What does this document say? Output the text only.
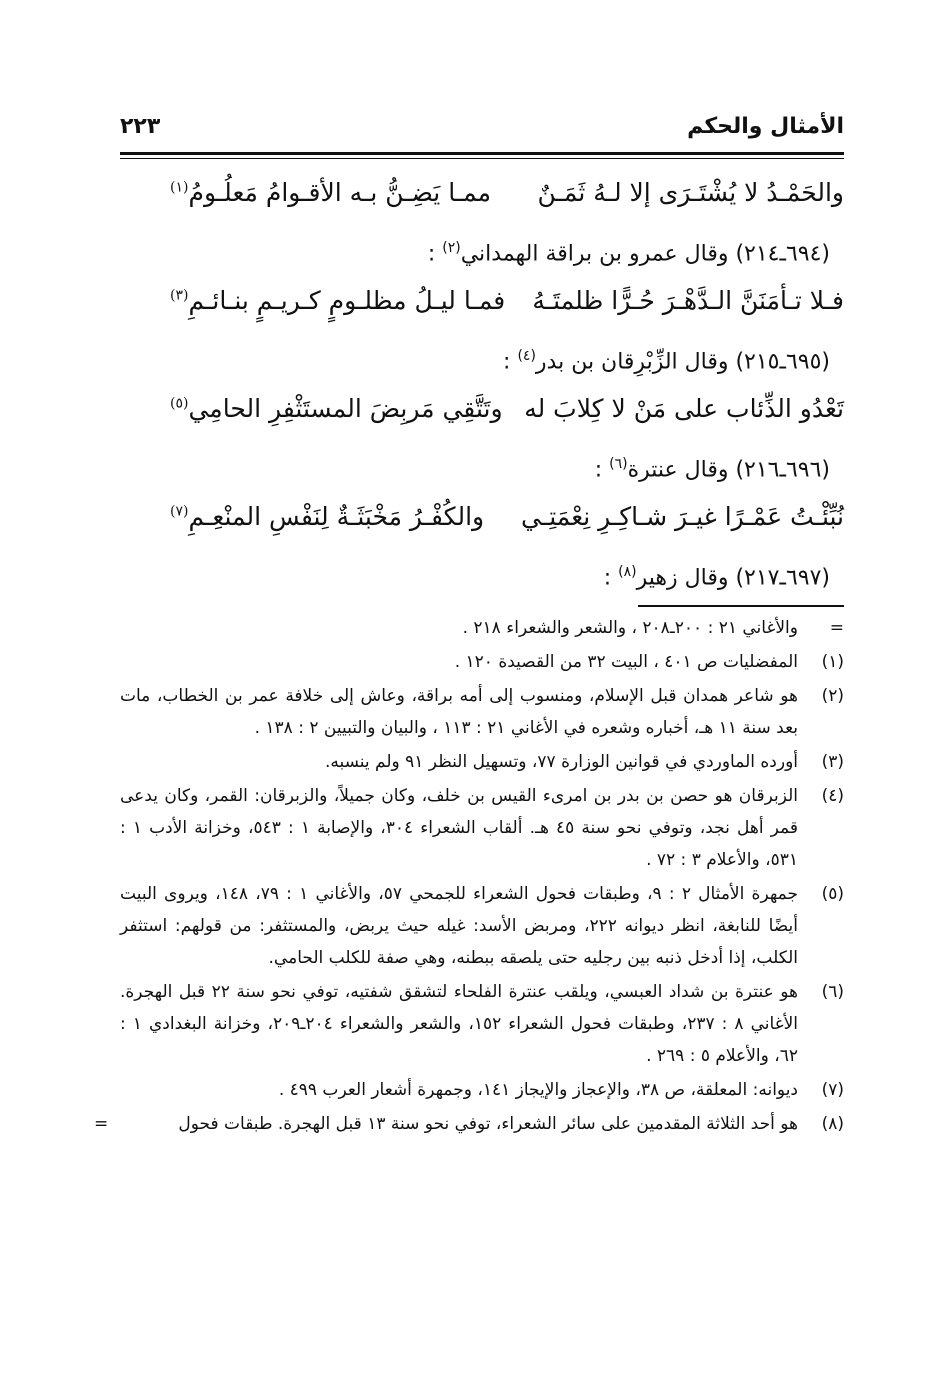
الأمثال والحكم
٢٢٣
والحَمْـدُ لا يُشْتَـرَى إلا لـهُ ثَمَـنٌ
ممـا يَضِـنُّ بـه الأقـوامُ مَعلُـومُ$^{(١)}$
(٦٩٤ـ٢١٤) وقال عمرو بن براقة الهمداني$^{(٢)}$ :
فـلا تـأمَنَنَّ الـدَّهْـرَ حُـرًّا ظلمتَـهُ
فمـا ليـلُ مظلـومٍ كـريـمٍ بنـائـمِ$^{(٣)}$
(٦٩٥ـ٢١٥) وقال الزِّبْرِقان بن بدر$^{(٤)}$ :
تَعْدُو الذِّئاب على مَنْ لا كِلابَ له
وتَتَّقِي مَربِضَ المستَثْفِرِ الحامِي$^{(٥)}$
(٦٩٦ـ٢١٦) وقال عنترة$^{(٦)}$ :
نُبِّئْـتُ عَمْـرًا غيـرَ شـاكِـرِ نِعْمَتِـي
والكُفْـرُ مَخْبَثَـةٌ لِنَفْسِ المنْعِـمِ$^{(٧)}$
(٦٩٧ـ٢١٧) وقال زهير$^{(٨)}$ :
=
والأغاني ٢١ : ٢٠٠ـ٢٠٨ ، والشعر والشعراء ٢١٨ .
(١)
المفضليات ص ٤٠١ ، البيت ٣٢ من القصيدة ١٢٠ .
(٢)
هو شاعر همدان قبل الإسلام، ومنسوب إلى أمه براقة، وعاش إلى خلافة عمر بن الخطاب، مات بعد سنة ١١ هـ، أخباره وشعره في الأغاني ٢١ : ١١٣ ، والبيان والتبيين ٢ : ١٣٨ .
(٣)
أورده الماوردي في قوانين الوزارة ٧٧، وتسهيل النظر ٩١ ولم ينسبه.
(٤)
الزبرقان هو حصن بن بدر بن امرىء القيس بن خلف، وكان جميلاً، والزبرقان: القمر، وكان يدعى قمر أهل نجد، وتوفي نحو سنة ٤٥ هـ. ألقاب الشعراء ٣٠٤، والإصابة ١ : ٥٤٣، وخزانة الأدب ١ : ٥٣١، والأعلام ٣ : ٧٢ .
(٥)
جمهرة الأمثال ٢ : ٩، وطبقات فحول الشعراء للجمحي ٥٧، والأغاني ١ : ٧٩، ١٤٨، ويروى البيت أيضًا للنابغة، انظر ديوانه ٢٢٢، ومربض الأسد: غيله حيث يربض، والمستثفر: من قولهم: استثفر الكلب، إذا أدخل ذنبه بين رجليه حتى يلصقه ببطنه، وهي صفة للكلب الحامي.
(٦)
هو عنترة بن شداد العبسي، ويلقب عنترة الفلحاء لتشقق شفتيه، توفي نحو سنة ٢٢ قبل الهجرة. الأغاني ٨ : ٢٣٧، وطبقات فحول الشعراء ١٥٢، والشعر والشعراء ٢٠٤ـ٢٠٩، وخزانة البغدادي ١ : ٦٢، والأعلام ٥ : ٢٦٩ .
(٧)
ديوانه: المعلقة، ص ٣٨، والإعجاز والإيجاز ١٤١، وجمهرة أشعار العرب ٤٩٩ .
(٨)
هو أحد الثلاثة المقدمين على سائر الشعراء، توفي نحو سنة ١٣ قبل الهجرة. طبقات فحول
=
